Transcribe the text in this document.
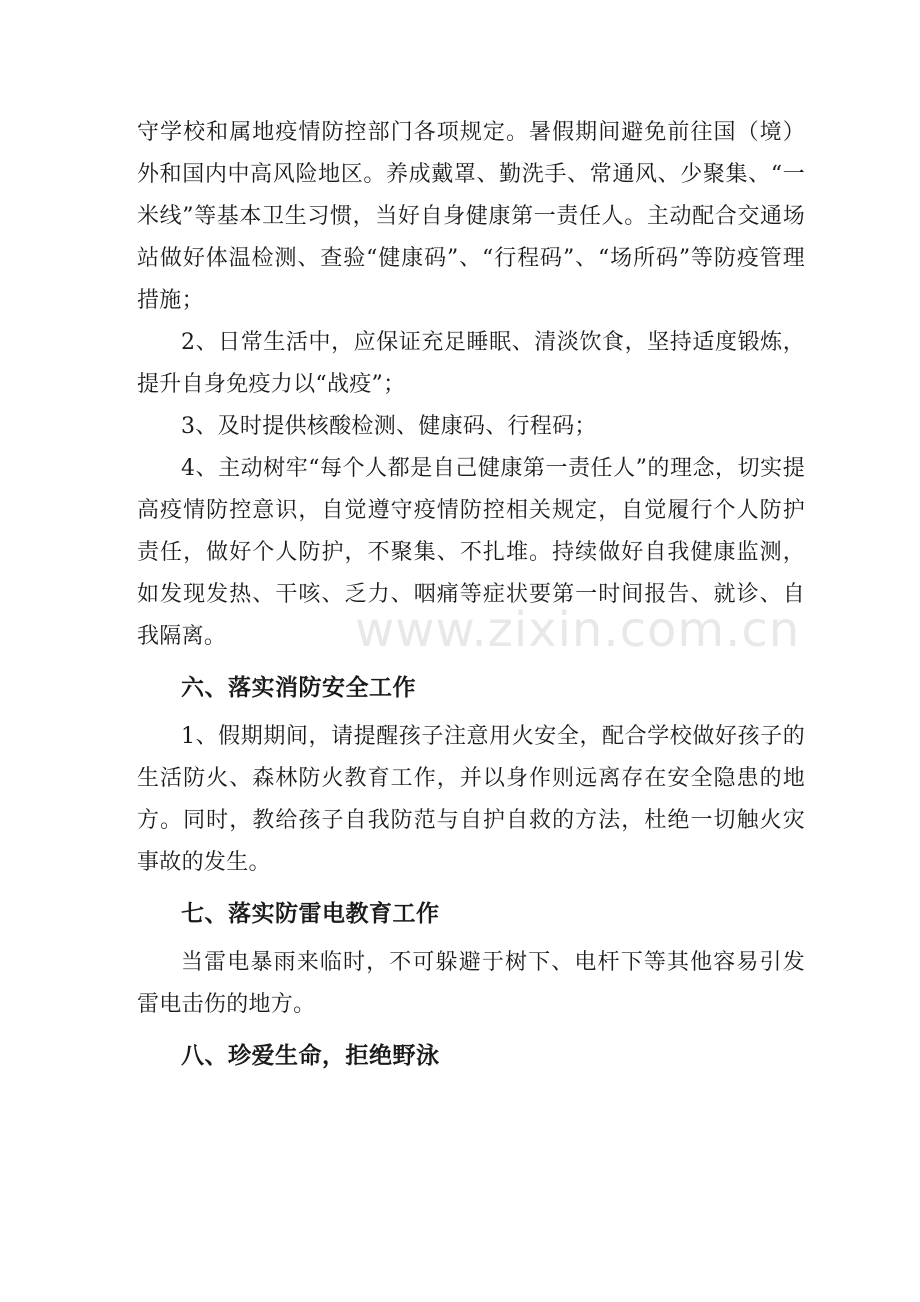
守学校和属地疫情防控部门各项规定。暑假期间避免前往国（境）外和国内中高风险地区。养成戴罩、勤洗手、常通风、少聚集、“一米线”等基本卫生习惯，当好自身健康第一责任人。主动配合交通场站做好体温检测、查验“健康码”、“行程码”、“场所码”等防疫管理措施；

2、日常生活中，应保证充足睡眠、清淡饮食，坚持适度锻炼，提升自身免疫力以“战疫”；

3、及时提供核酸检测、健康码、行程码；

4、主动树牢“每个人都是自己健康第一责任人”的理念，切实提高疫情防控意识，自觉遵守疫情防控相关规定，自觉履行个人防护责任，做好个人防护，不聚集、不扎堆。持续做好自我健康监测，如发现发热、干咳、乏力、咽痛等症状要第一时间报告、就诊、自我隔离。

六、落实消防安全工作

1、假期期间，请提醒孩子注意用火安全，配合学校做好孩子的生活防火、森林防火教育工作，并以身作则远离存在安全隐患的地方。同时，教给孩子自我防范与自护自救的方法，杜绝一切触火灾事故的发生。

七、落实防雷电教育工作

当雷电暴雨来临时，不可躲避于树下、电杆下等其他容易引发雷电击伤的地方。

八、珍爱生命，拒绝野泳
www.zixin.com.cn
